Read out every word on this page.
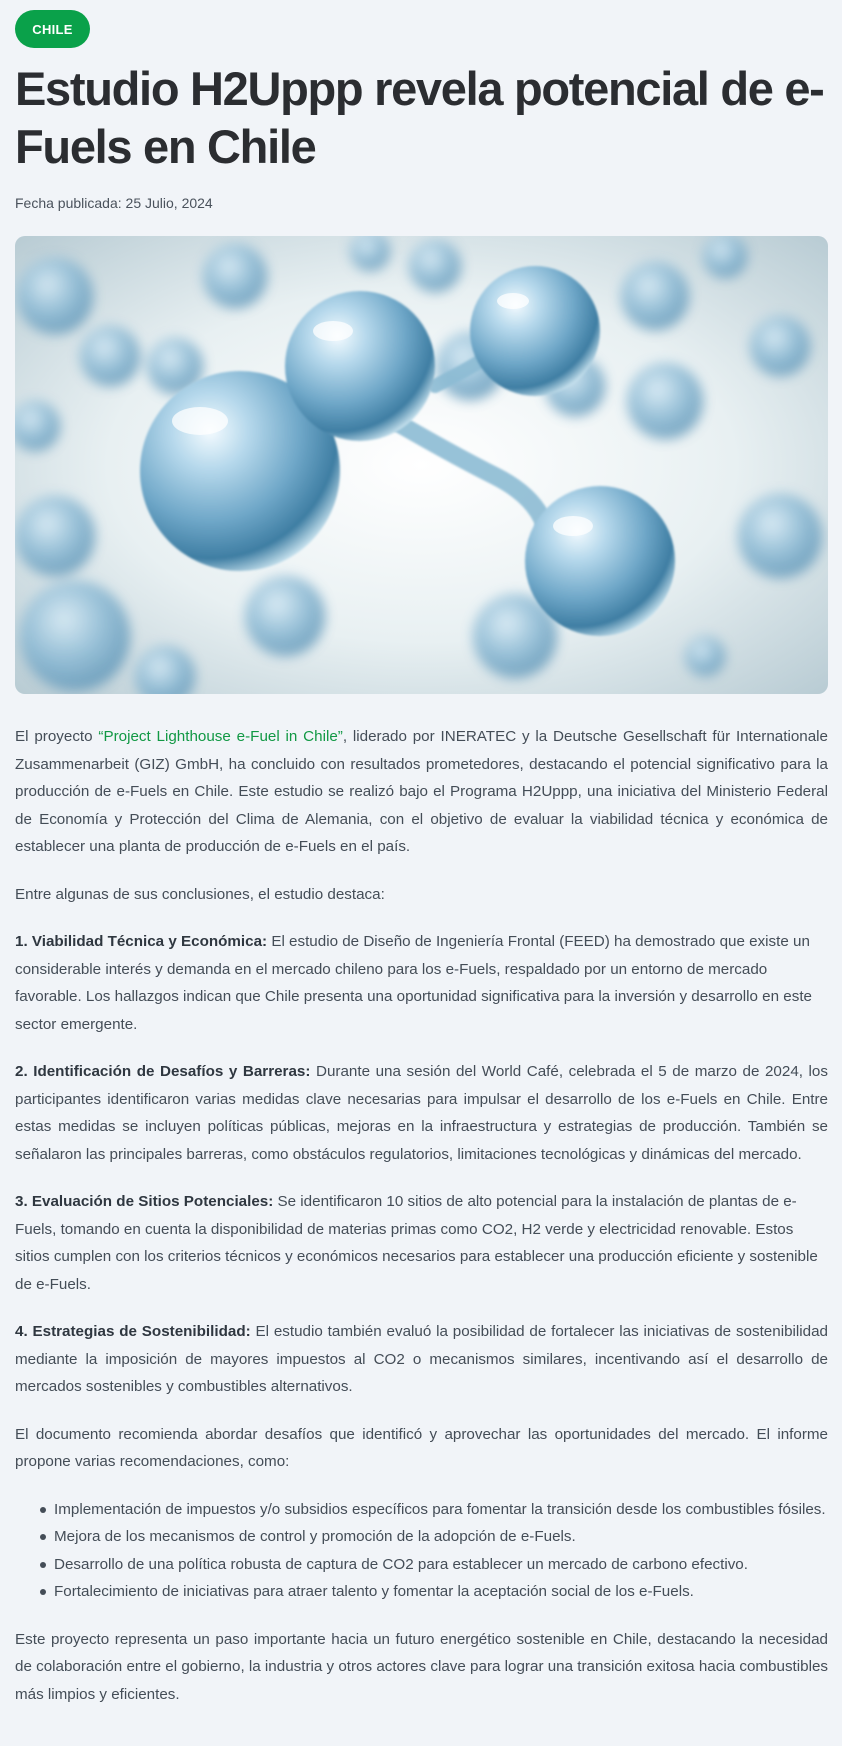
CHILE
Estudio H2Uppp revela potencial de e-Fuels en Chile
Fecha publicada: 25 Julio, 2024

El proyecto “Project Lighthouse e-Fuel in Chile”, liderado por INERATEC y la Deutsche Gesellschaft für Internationale Zusammenarbeit (GIZ) GmbH, ha concluido con resultados prometedores, destacando el potencial significativo para la producción de e-Fuels en Chile. Este estudio se realizó bajo el Programa H2Uppp, una iniciativa del Ministerio Federal de Economía y Protección del Clima de Alemania, con el objetivo de evaluar la viabilidad técnica y económica de establecer una planta de producción de e-Fuels en el país.

Entre algunas de sus conclusiones, el estudio destaca:

1. Viabilidad Técnica y Económica: El estudio de Diseño de Ingeniería Frontal (FEED) ha demostrado que existe un considerable interés y demanda en el mercado chileno para los e-Fuels, respaldado por un entorno de mercado favorable. Los hallazgos indican que Chile presenta una oportunidad significativa para la inversión y desarrollo en este sector emergente.

2. Identificación de Desafíos y Barreras: Durante una sesión del World Café, celebrada el 5 de marzo de 2024, los participantes identificaron varias medidas clave necesarias para impulsar el desarrollo de los e-Fuels en Chile. Entre estas medidas se incluyen políticas públicas, mejoras en la infraestructura y estrategias de producción. También se señalaron las principales barreras, como obstáculos regulatorios, limitaciones tecnológicas y dinámicas del mercado.

3. Evaluación de Sitios Potenciales: Se identificaron 10 sitios de alto potencial para la instalación de plantas de e-Fuels, tomando en cuenta la disponibilidad de materias primas como CO2, H2 verde y electricidad renovable. Estos sitios cumplen con los criterios técnicos y económicos necesarios para establecer una producción eficiente y sostenible de e-Fuels.

4. Estrategias de Sostenibilidad: El estudio también evaluó la posibilidad de fortalecer las iniciativas de sostenibilidad mediante la imposición de mayores impuestos al CO2 o mecanismos similares, incentivando así el desarrollo de mercados sostenibles y combustibles alternativos.

El documento recomienda abordar desafíos que identificó y aprovechar las oportunidades del mercado. El informe propone varias recomendaciones, como:

Implementación de impuestos y/o subsidios específicos para fomentar la transición desde los combustibles fósiles.
Mejora de los mecanismos de control y promoción de la adopción de e-Fuels.
Desarrollo de una política robusta de captura de CO2 para establecer un mercado de carbono efectivo.
Fortalecimiento de iniciativas para atraer talento y fomentar la aceptación social de los e-Fuels.

Este proyecto representa un paso importante hacia un futuro energético sostenible en Chile, destacando la necesidad de colaboración entre el gobierno, la industria y otros actores clave para lograr una transición exitosa hacia combustibles más limpios y eficientes.
